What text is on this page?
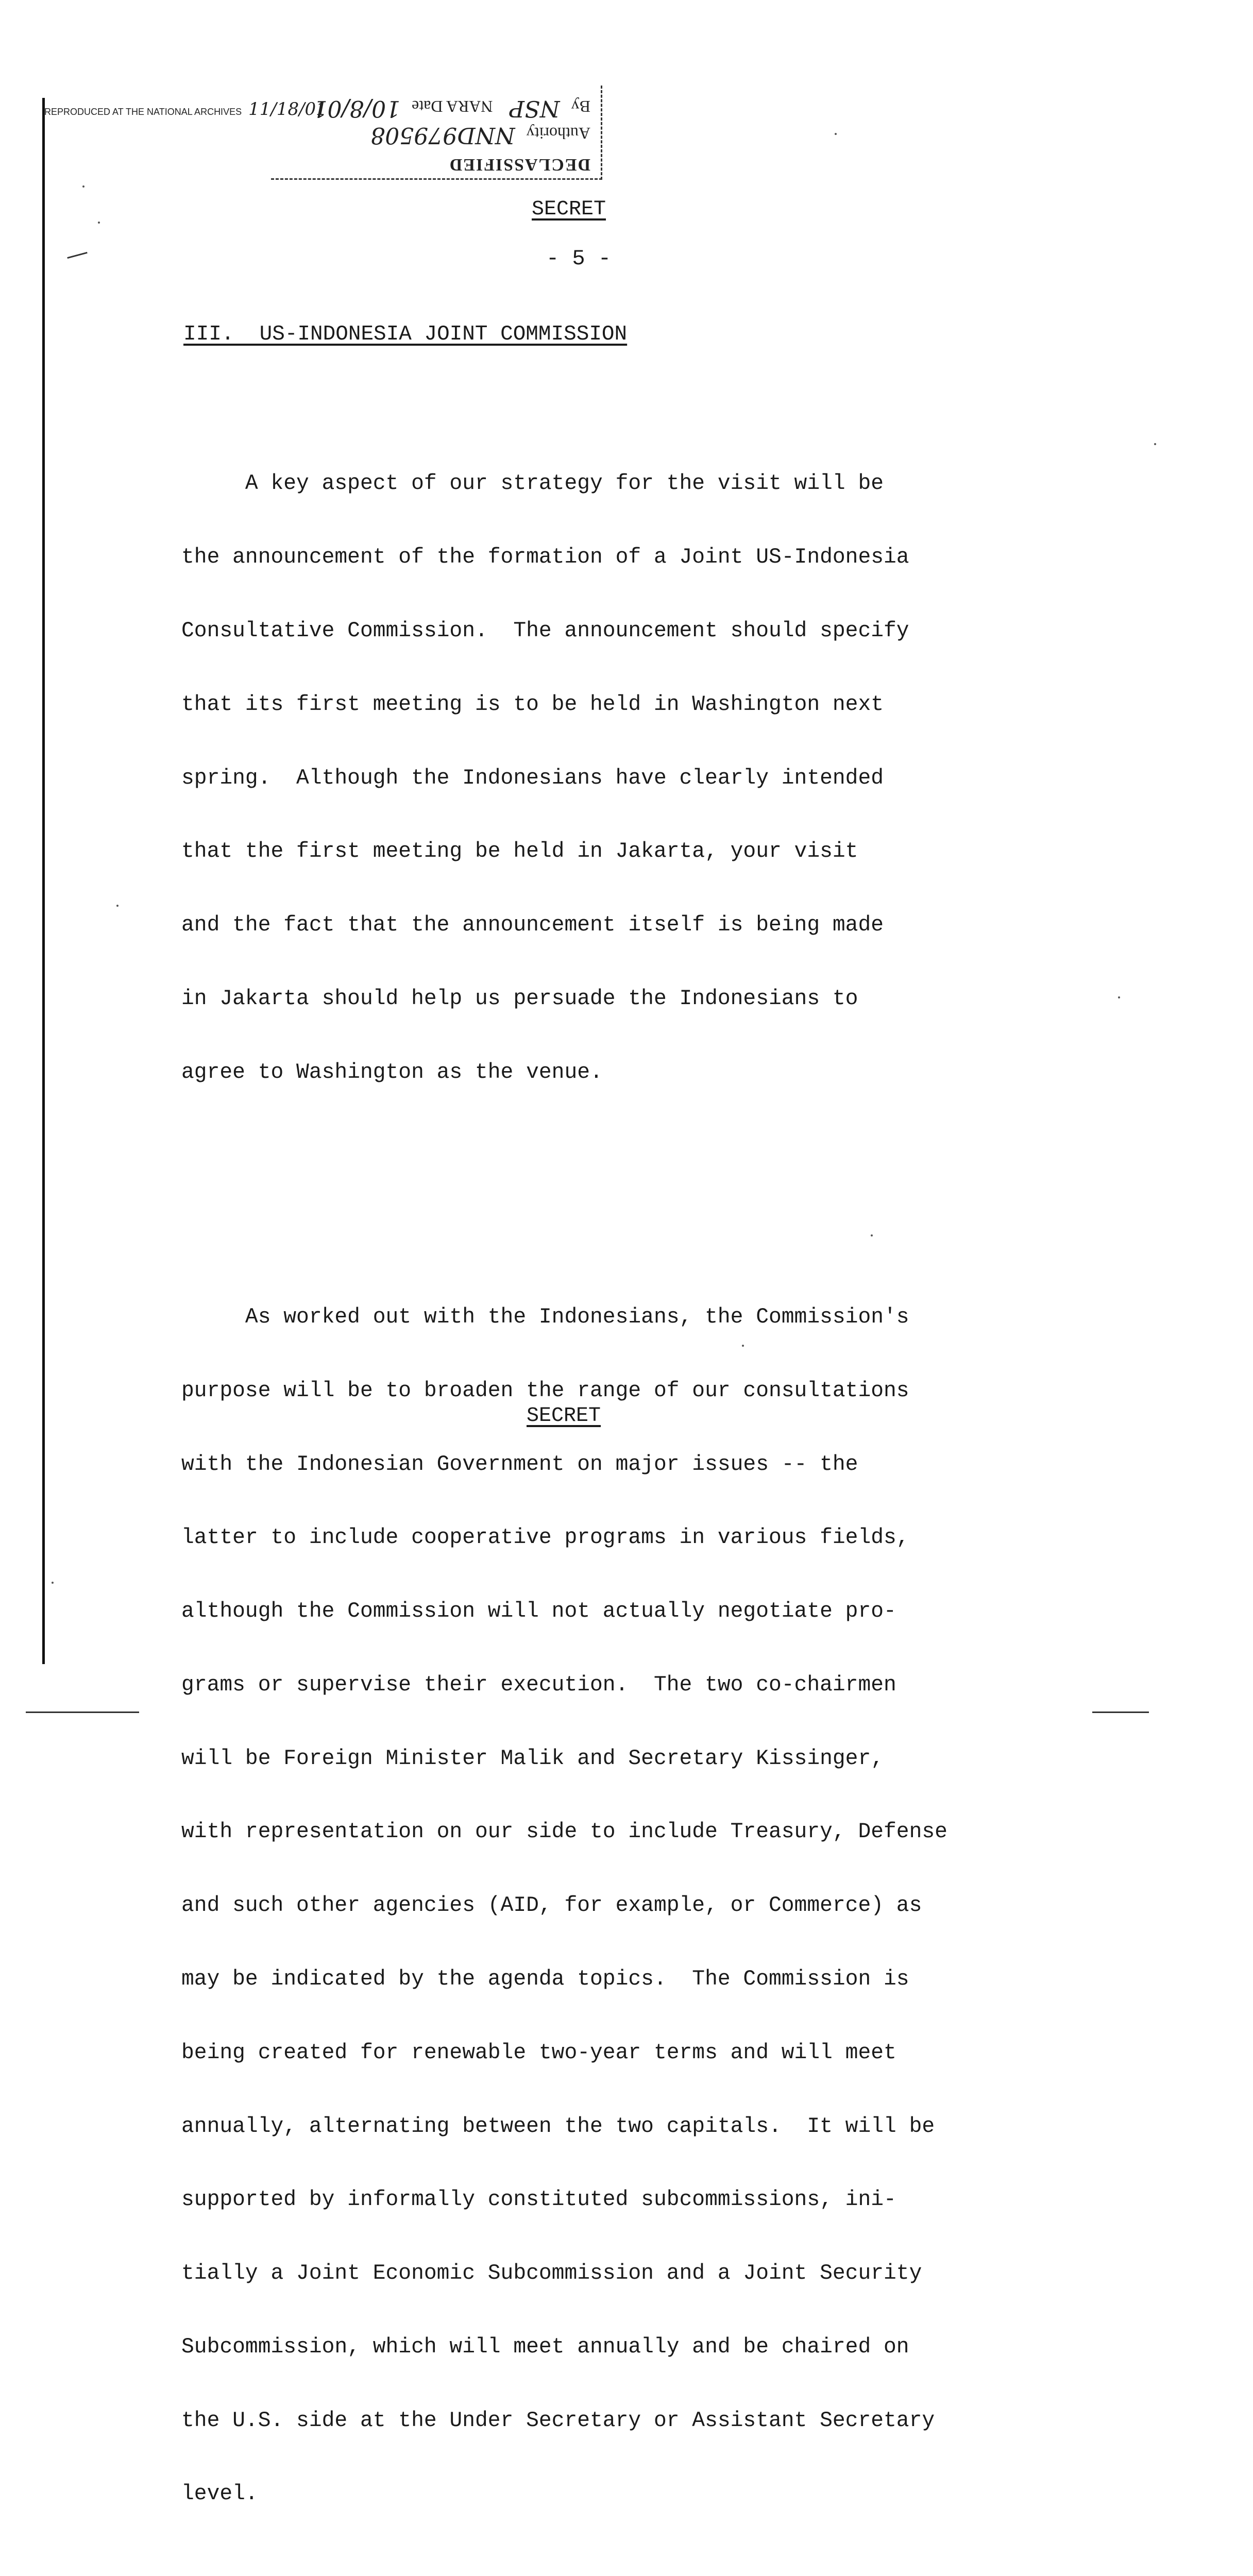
REPRODUCED AT THE NATIONAL ARCHIVES 11/18/01
DECLASSIFIED
Authority NND979508
By NSP NARA Date 10/8/01
SECRET
- 5 -
III.  US-INDONESIA JOINT COMMISSION

A key aspect of our strategy for the visit will be

the announcement of the formation of a Joint US-Indonesia

Consultative Commission.  The announcement should specify

that its first meeting is to be held in Washington next

spring.  Although the Indonesians have clearly intended

that the first meeting be held in Jakarta, your visit

and the fact that the announcement itself is being made

in Jakarta should help us persuade the Indonesians to

agree to Washington as the venue.

As worked out with the Indonesians, the Commission's

purpose will be to broaden the range of our consultations

with the Indonesian Government on major issues -- the

latter to include cooperative programs in various fields,

although the Commission will not actually negotiate pro-

grams or supervise their execution.  The two co-chairmen

will be Foreign Minister Malik and Secretary Kissinger,

with representation on our side to include Treasury, Defense

and such other agencies (AID, for example, or Commerce) as

may be indicated by the agenda topics.  The Commission is

being created for renewable two-year terms and will meet

annually, alternating between the two capitals.  It will be

supported by informally constituted subcommissions, ini-

tially a Joint Economic Subcommission and a Joint Security

Subcommission, which will meet annually and be chaired on

the U.S. side at the Under Secretary or Assistant Secretary

level.

SECRET
